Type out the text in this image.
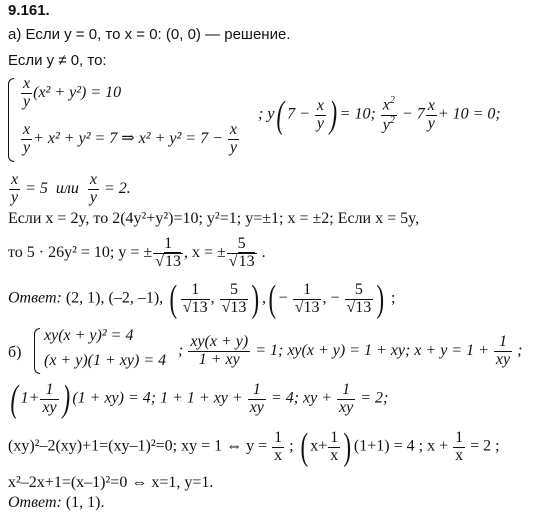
9.161.
а) Если y = 0, то x = 0: (0, 0) — решение.
Если y ≠ 0, то:
$\frac{x}{y} (x^2 + y^2) = 10$
$\frac{x}{y} + x^2 + y^2 = 7$ ⇒ $x^2 + y^2 = 7 - \frac{x}{y}$
; y( $7 - \frac{x}{y}$ ) = 10; $\frac{x^2}{y^2} - 7 \frac{x}{y} + 10 = 0$;
$\frac{x}{y} = 5$  или $\frac{x}{y} = 2$.
Если x = 2y, то 2(4y²+y²)=10; y²=1; y=±1; x = ±2; Если x = 5y,
то 5 · 26y² = 10; y = ± $\frac{1}{√13}$ , x = ± $\frac{5}{√13}$ .
Ответ: (2, 1), (–2, –1), ( $\frac{1}{√13}$ , $\frac{5}{√13}$ ) ,( − $\frac{1}{√13}$ , − $\frac{5}{√13}$ ) ;
б)
xy(x + y)² = 4
(x + y)(1 + xy) = 4
; $\frac{xy(x + y)}{1 + xy} = 1$; xy(x + y) = 1 + xy; $x + y = 1 + \frac{1}{xy}$ ;
( $1+ \frac{1}{xy}$ ) (1 + xy) = 4; 1 + 1 + xy + $\frac{1}{xy} = 4$; xy + $\frac{1}{xy} = 2$;
(xy)²–2(xy)+1=(xy–1)²=0; xy = 1 ⇔ $y = \frac{1}{x}$ ; ( $x+ \frac{1}{x}$ ) (1+1) = 4 ; $x + \frac{1}{x} = 2$ ;
x²–2x+1=(x–1)²=0 ⇔ x=1, y=1.
Ответ: (1, 1).
